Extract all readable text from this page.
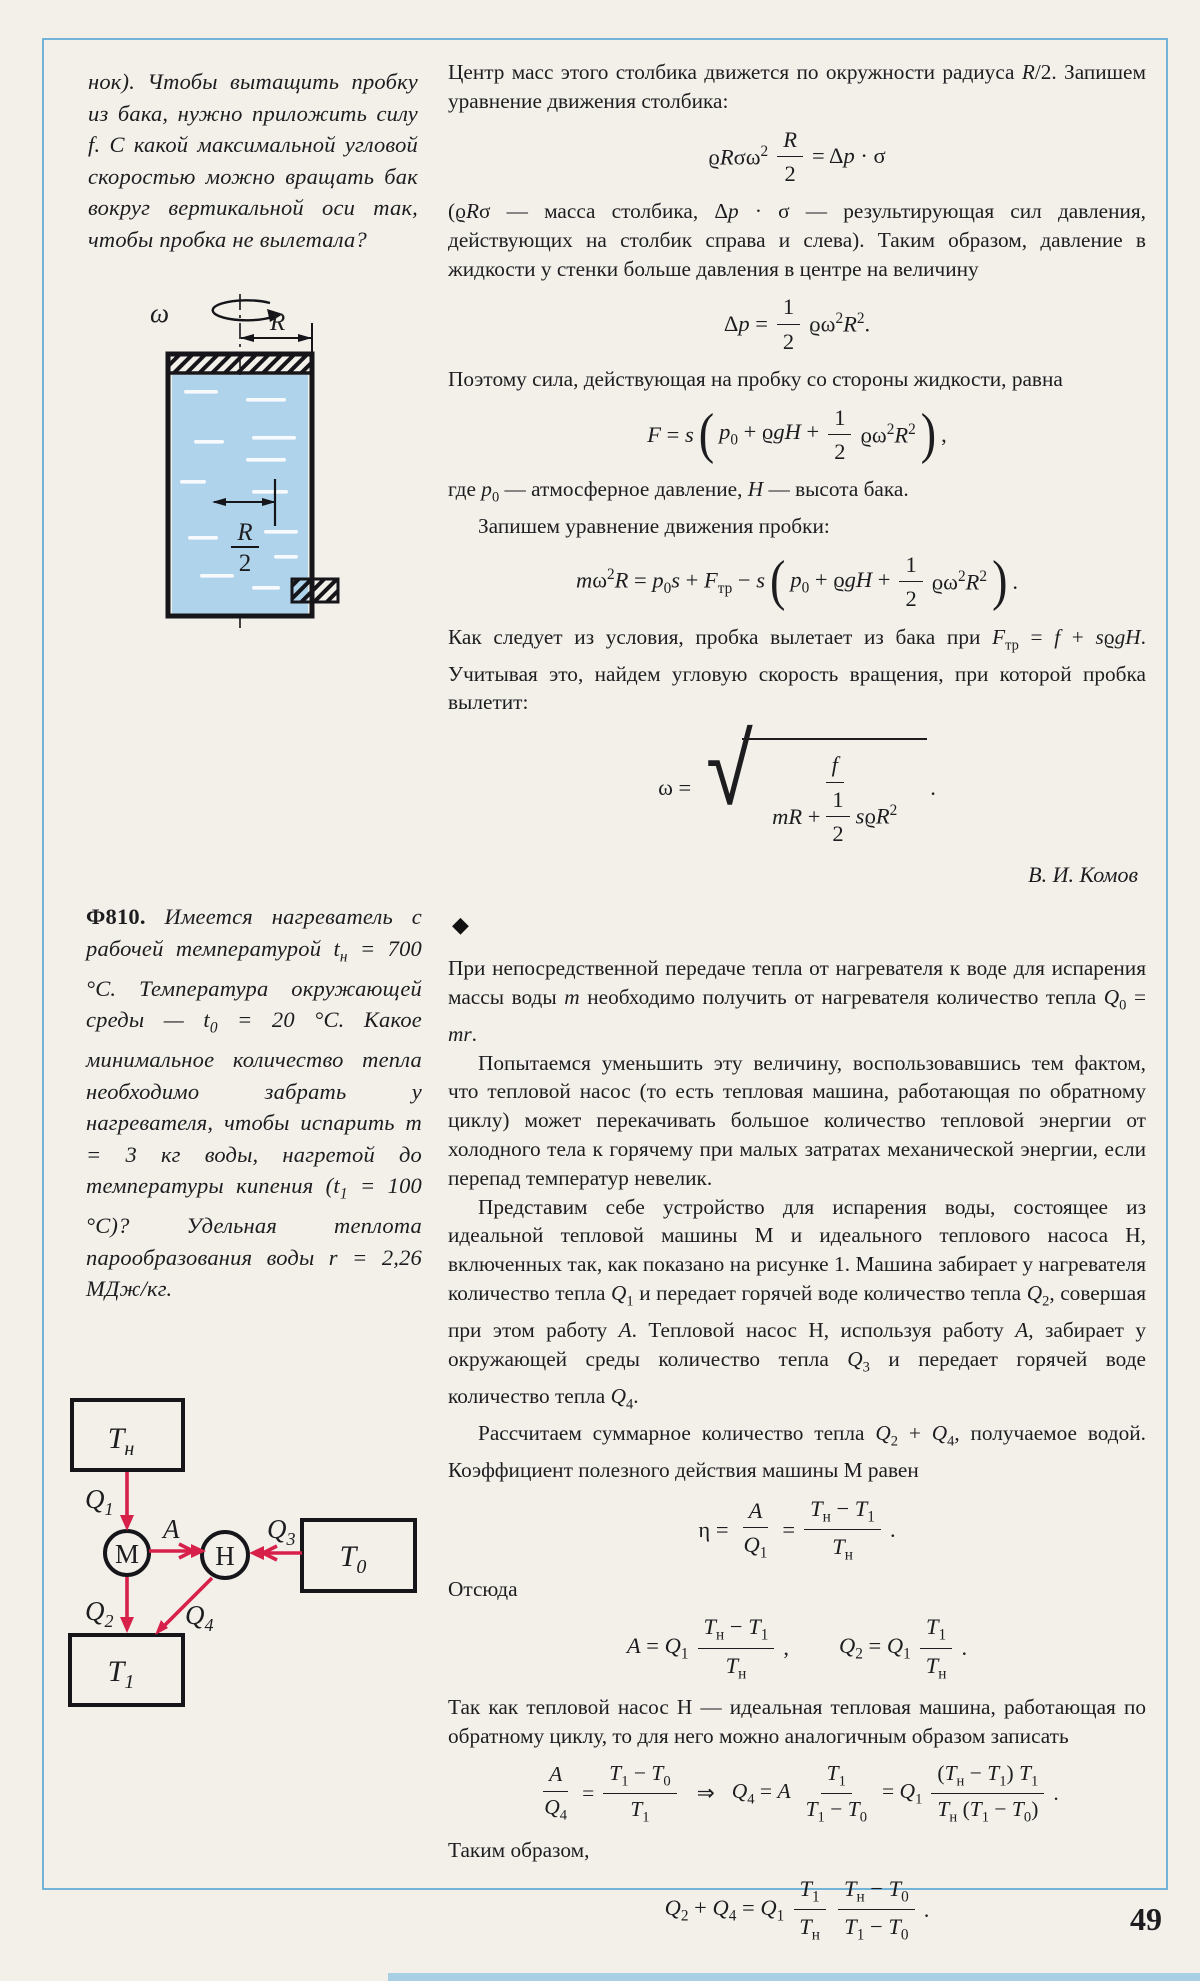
нок). Чтобы вытащить пробку из бака, нужно приложить силу f. С какой максимальной угловой скоростью можно вращать бак вокруг вертикальной оси так, чтобы пробка не вылетала?
ω	R
R
2
Ф810. Имеется нагреватель с рабочей температурой $t_н = 700$ °С. Температура окружающей среды — $t_0 = 20$ °С. Какое минимальное количество тепла необходимо забрать у нагревателя, чтобы испарить m = 3 кг воды, нагретой до температуры кипения ($t_1 = 100$ °С)? Удельная теплота парообразования воды r = 2,26 МДж/кг.
$T_н$
$T_0$
$T_1$
М	Н
$Q_1$
A	$Q_3$
$Q_2$	$Q_4$
Центр масс этого столбика движется по окружности радиуса R/2. Запишем уравнение движения столбика:
$ϱR\sigma\omega^2 \frac{R}{2} = \Delta p \cdot \sigma$
(ϱRσ — масса столбика, Δp · σ — результирующая сил давления, действующих на столбик справа и слева). Таким образом, давление в жидкости у стенки больше давления в центре на величину
$\Delta p = \frac{1}{2} ϱ\omega^2R^2$.
Поэтому сила, действующая на пробку со стороны жидкости, равна
F = s ( $p_0 + ϱgH + \frac{1}{2} ϱ\omega^2R^2$ ) ,
где $p_0$ — атмосферное давление, H — высота бака.
Запишем уравнение движения пробки:
$m\omega^2R = p_0s + F_{тр} - s$ ( $p_0 + ϱgH + \frac{1}{2} ϱ\omega^2R^2$ ) .
Как следует из условия, пробка вылетает из бака при $F_{тр} = f + sϱgH$. Учитывая это, найдем угловую скорость вращения, при которой пробка вылетит:
ω = √ $\frac{f}{mR + \frac{1}{2} sϱR^2}$ .
В. И. Комов
◆
При непосредственной передаче тепла от нагревателя к воде для испарения массы воды m необходимо получить от нагревателя количество тепла $Q_0$ = mr.
Попытаемся уменьшить эту величину, воспользовавшись тем фактом, что тепловой насос (то есть тепловая машина, работающая по обратному циклу) может перекачивать большое количество тепловой энергии от холодного тела к горячему при малых затратах механической энергии, если перепад температур невелик.
Представим себе устройство для испарения воды, состоящее из идеальной тепловой машины М и идеального теплового насоса Н, включенных так, как показано на рисунке 1. Машина забирает у нагревателя количество тепла $Q_1$ и передает горячей воде количество тепла $Q_2$, совершая при этом работу А. Тепловой насос Н, используя работу А, забирает у окружающей среды количество тепла $Q_3$ и передает горячей воде количество тепла $Q_4$.
Рассчитаем суммарное количество тепла $Q_2 + Q_4$, получаемое водой. Коэффициент полезного действия машины М равен
$\eta = \frac{A}{Q_1} = \frac{T_н - T_1}{T_н}$ .
Отсюда
$A = Q_1 \frac{T_н - T_1}{T_н}$ , $Q_2 = Q_1 \frac{T_1}{T_н}$ .
Так как тепловой насос Н — идеальная тепловая машина, работающая по обратному циклу, то для него можно аналогичным образом записать
$\frac{A}{Q_4} = \frac{T_1 - T_0}{T_1}$ ⇒ $Q_4 = A \frac{T_1}{T_1 - T_0} = Q_1 \frac{(T_н - T_1) T_1}{T_н (T_1 - T_0)}$ .
Таким образом,
$Q_2 + Q_4 = Q_1 \frac{T_1}{T_н} \frac{T_н - T_0}{T_1 - T_0}$ .	49
